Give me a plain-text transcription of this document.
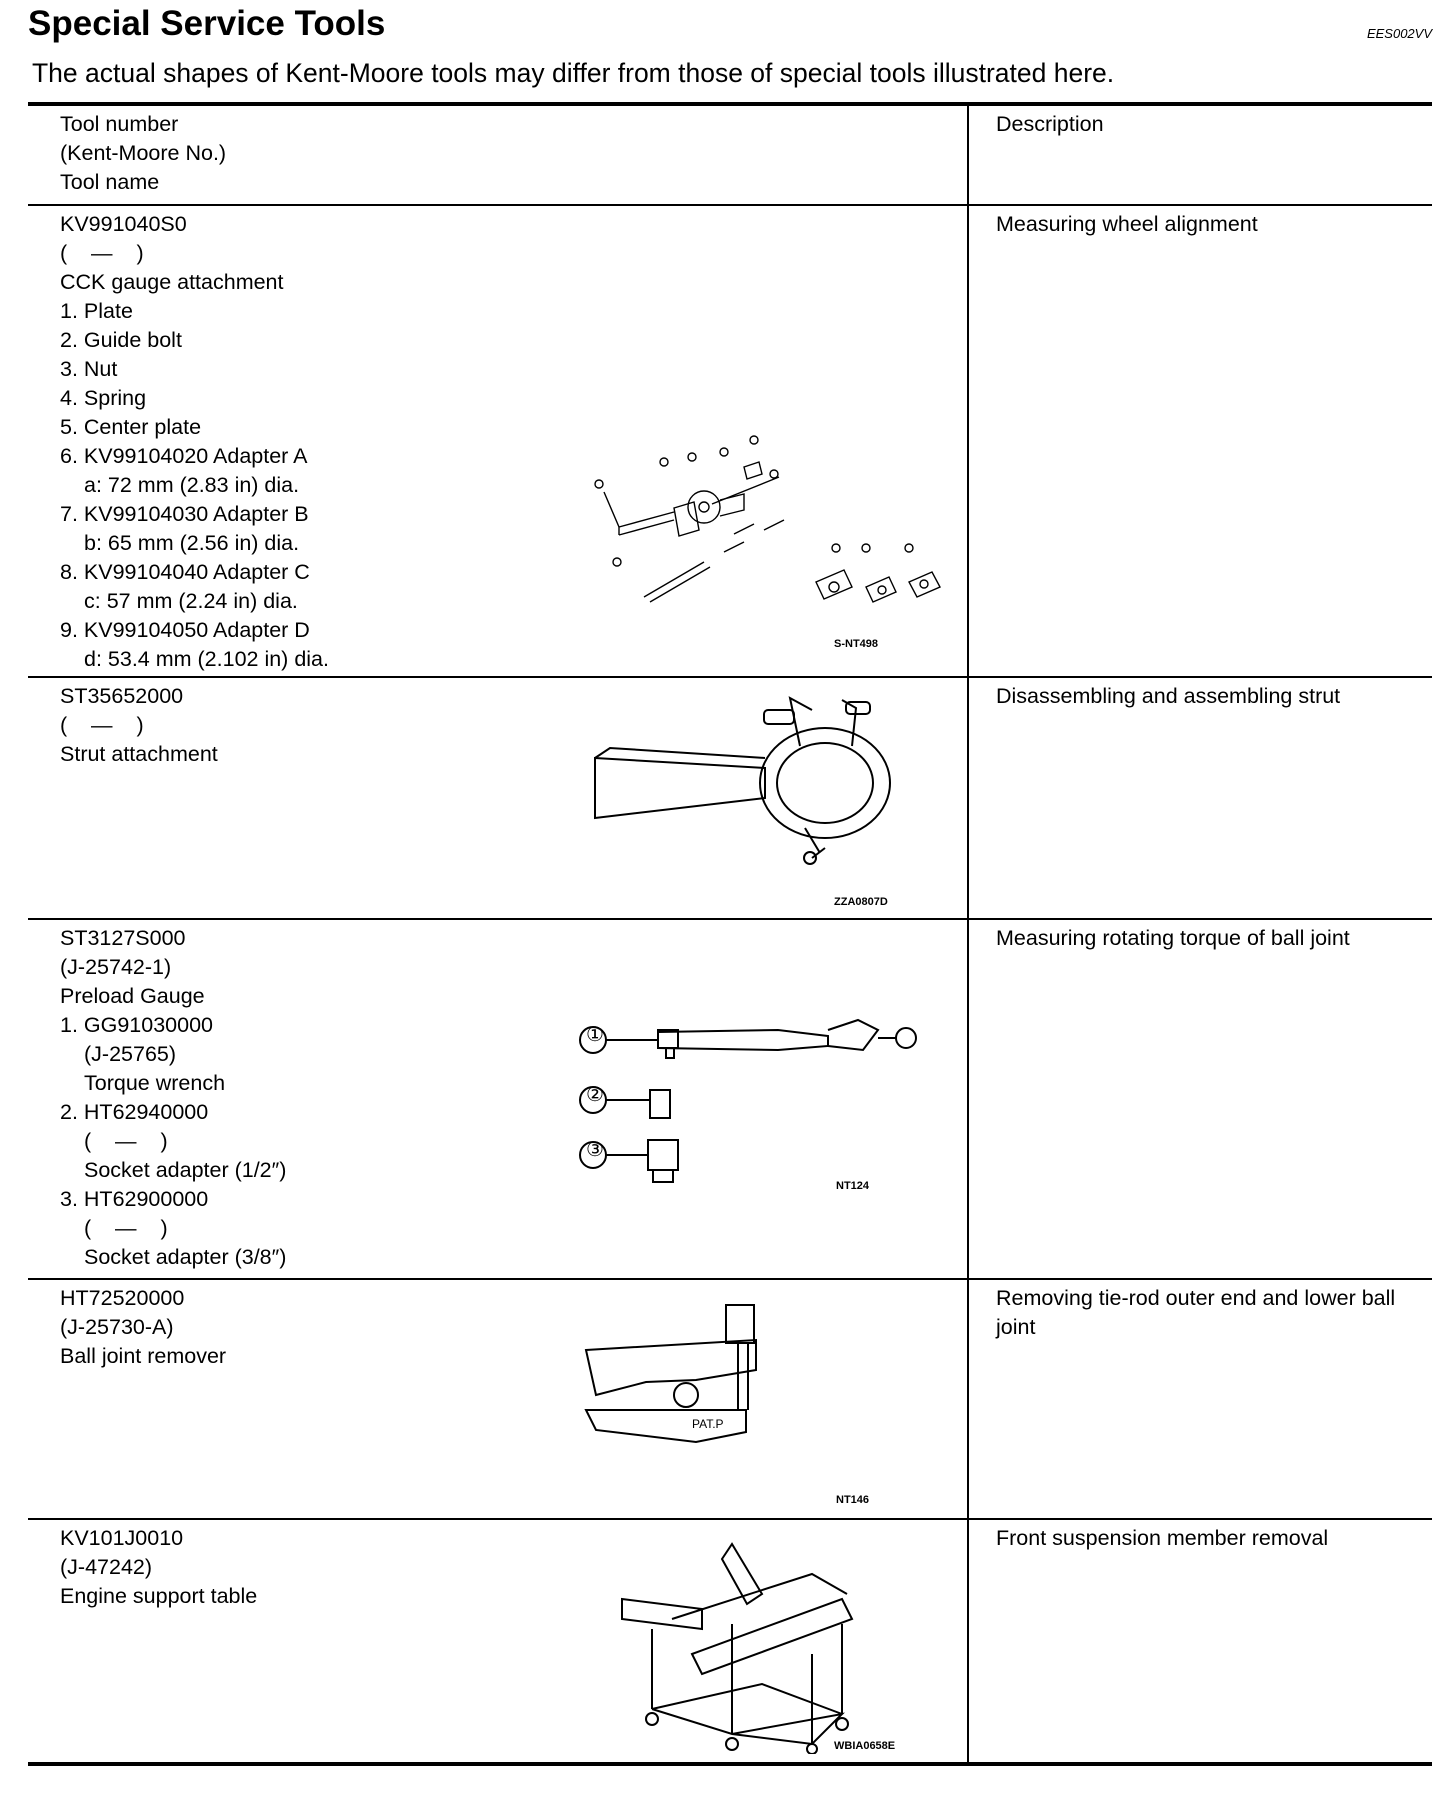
Special Service Tools	EES002VV
The actual shapes of Kent-Moore tools may differ from those of special tools illustrated here.
Tool number
(Kent-Moore No.)
Tool name
Description
KV991040S0
(    —    )
CCK gauge attachment
1. Plate
2. Guide bolt
3. Nut
4. Spring
5. Center plate
6. KV99104020 Adapter A
a: 72 mm (2.83 in) dia.
7. KV99104030 Adapter B
b: 65 mm (2.56 in) dia.
8. KV99104040 Adapter C
c: 57 mm (2.24 in) dia.
9. KV99104050 Adapter D
d: 53.4 mm (2.102 in) dia.
Measuring wheel alignment
S-NT498
ST35652000
(    —    )
Strut attachment
Disassembling and assembling strut
ZZA0807D
ST3127S000
(J-25742-1)
Preload Gauge
1. GG91030000
(J-25765)
Torque wrench
2. HT62940000
(    —    )
Socket adapter (1/2″)
3. HT62900000
(    —    )
Socket adapter (3/8″)
Measuring rotating torque of ball joint
①
②
③
NT124
HT72520000
(J-25730-A)
Ball joint remover
Removing tie-rod outer end and lower ball joint
PAT.P
NT146
KV101J0010
(J-47242)
Engine support table
Front suspension member removal
WBIA0658E
